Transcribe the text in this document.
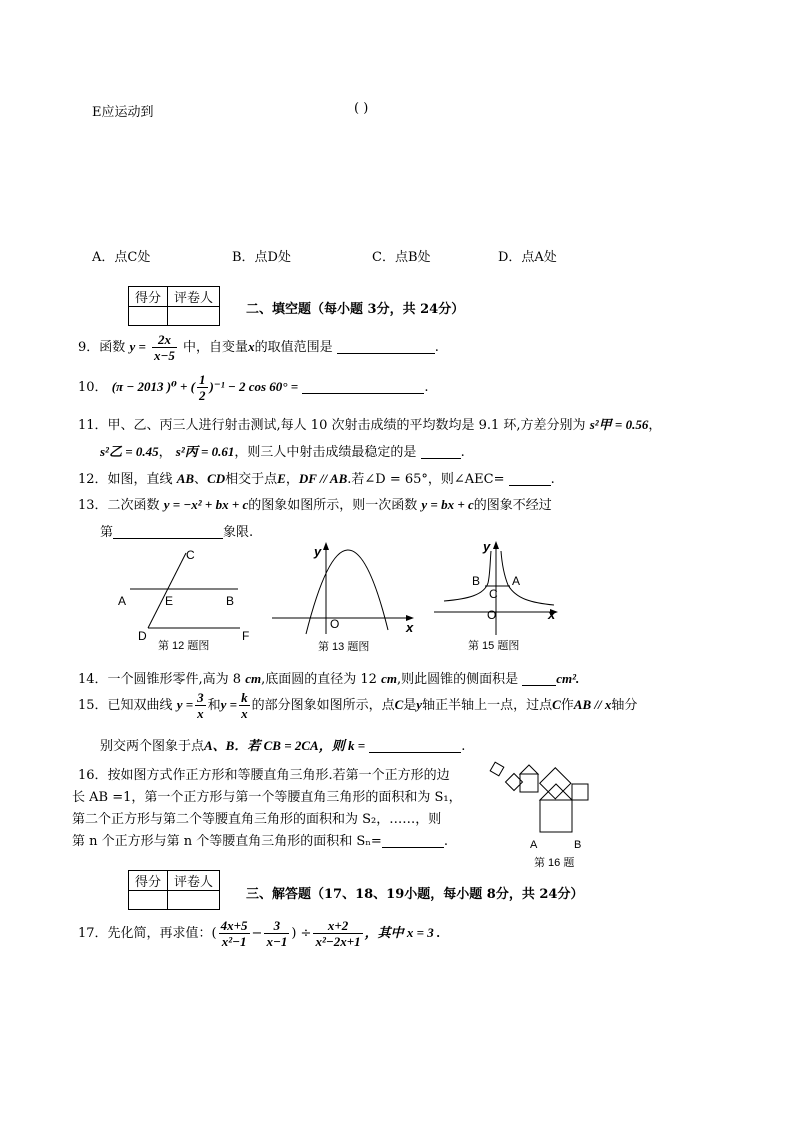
E应运动到	( )
A．点C处	B．点D处	C．点B处	D．点A处
得分	评卷人

二、填空题（每小题 3分，共 24分）
9．函数 $y = \frac{2x}{x-5}$ 中，自变量x的取值范围是	.
10． (π − 2013 )⁰ + ( $\frac{1}{2} )^{-1} - 2$ cos 60° =	.
11．甲、乙、丙三人进行射击测试,每人 10 次射击成绩的平均数均是 9.1 环,方差分别为 s²甲 = 0.56，
s²乙 = 0.45， s²丙 = 0.61，则三人中射击成绩最稳定的是	.
12．如图，直线 AB、CD相交于点E，DF // AB.若∠D = 65°，则∠AEC=	.
13．二次函数 y = −x² + bx + c的图象如图所示，则一次函数 y = bx + c的图象不经过
第	象限.
C
A	E	B
D	F
第 12 题图
y
x
O
第 13 题图
y
x
B	A
C
O
第 15 题图
14．一个圆锥形零件,高为 8 cm,底面圆的直径为 12 cm,则此圆锥的侧面积是	cm².
15．已知双曲线 $y = \frac{3}{x}$ 和$y = \frac{k}{x}$ 的部分图象如图所示，点C是y轴正半轴上一点，过点C作AB // x轴分
别交两个图象于点A、B．若 CB = 2CA，则 k =	.
16．按如图方式作正方形和等腰直角三角形.若第一个正方形的边
长 AB =1，第一个正方形与第一个等腰直角三角形的面积和为 S₁，
第二个正方形与第二个等腰直角三角形的面积和为 S₂，……，则
第 n 个正方形与第 n 个等腰直角三角形的面积和 Sₙ=	.	A	B
第 16 题
得分	评卷人

三、解答题（17、18、19小题，每小题 8分，共 24分）
17．先化简，再求值：( $\frac{4x+5}{\text{x²−1}} - \frac{3}{x-1}$ ) ÷ $\frac{x+2}{\text{x²−2x+1}}$ ，其中 x = 3 .
